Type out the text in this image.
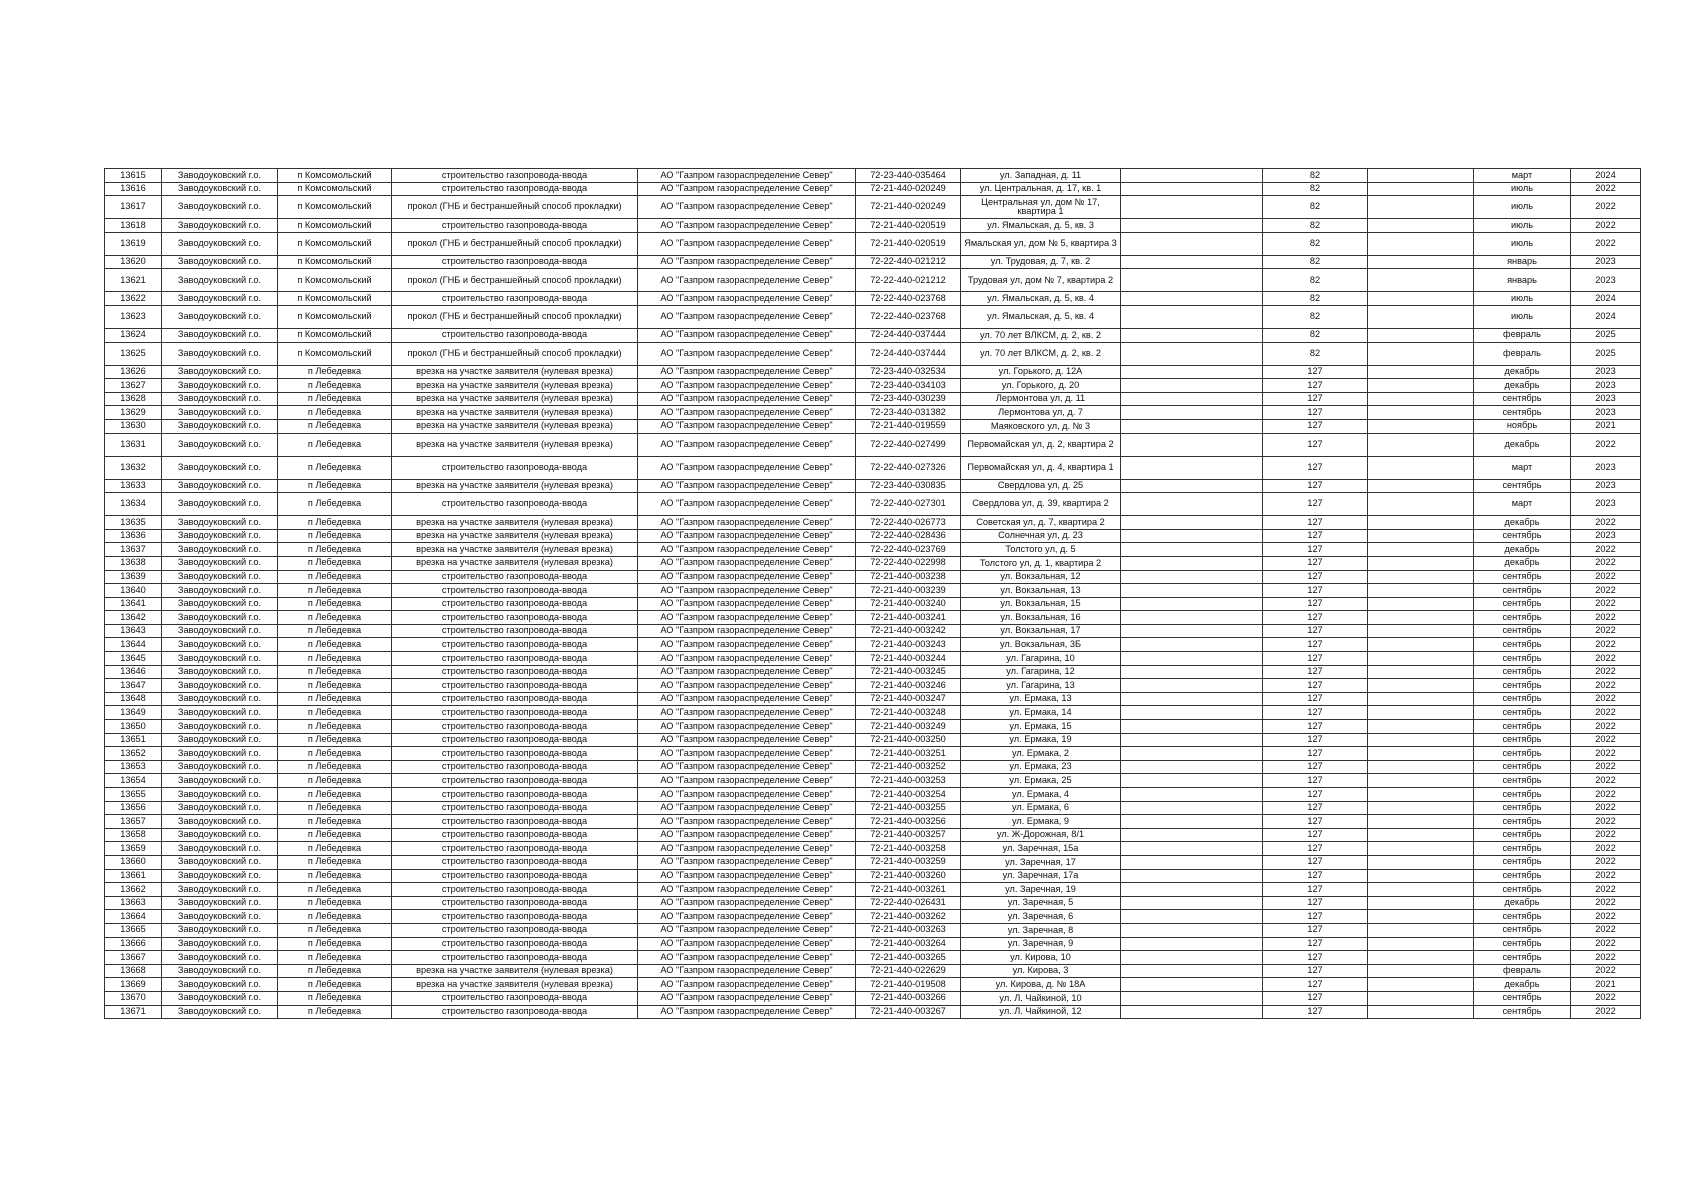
13615	Заводоуковский г.о.	п Комсомольский	строительство газопровода-ввода	АО "Газпром газораспределение Север"	72-23-440-035464	ул. Западная, д. 11		82		март	2024
13616	Заводоуковский г.о.	п Комсомольский	строительство газопровода-ввода	АО "Газпром газораспределение Север"	72-21-440-020249	ул. Центральная, д. 17, кв. 1		82		июль	2022
13617	Заводоуковский г.о.	п Комсомольский	прокол (ГНБ и бестраншейный способ прокладки)	АО "Газпром газораспределение Север"	72-21-440-020249	Центральная ул, дом № 17, квартира 1		82		июль	2022
13618	Заводоуковский г.о.	п Комсомольский	строительство газопровода-ввода	АО "Газпром газораспределение Север"	72-21-440-020519	ул. Ямальская, д. 5, кв. 3		82		июль	2022
13619	Заводоуковский г.о.	п Комсомольский	прокол (ГНБ и бестраншейный способ прокладки)	АО "Газпром газораспределение Север"	72-21-440-020519	Ямальская ул, дом № 5, квартира 3		82		июль	2022
13620	Заводоуковский г.о.	п Комсомольский	строительство газопровода-ввода	АО "Газпром газораспределение Север"	72-22-440-021212	ул. Трудовая, д. 7, кв. 2		82		январь	2023
13621	Заводоуковский г.о.	п Комсомольский	прокол (ГНБ и бестраншейный способ прокладки)	АО "Газпром газораспределение Север"	72-22-440-021212	Трудовая ул, дом № 7, квартира 2		82		январь	2023
13622	Заводоуковский г.о.	п Комсомольский	строительство газопровода-ввода	АО "Газпром газораспределение Север"	72-22-440-023768	ул. Ямальская, д. 5, кв. 4		82		июль	2024
13623	Заводоуковский г.о.	п Комсомольский	прокол (ГНБ и бестраншейный способ прокладки)	АО "Газпром газораспределение Север"	72-22-440-023768	ул. Ямальская, д. 5, кв. 4		82		июль	2024
13624	Заводоуковский г.о.	п Комсомольский	строительство газопровода-ввода	АО "Газпром газораспределение Север"	72-24-440-037444	ул. 70 лет ВЛКСМ, д. 2, кв. 2		82		февраль	2025
13625	Заводоуковский г.о.	п Комсомольский	прокол (ГНБ и бестраншейный способ прокладки)	АО "Газпром газораспределение Север"	72-24-440-037444	ул. 70 лет ВЛКСМ, д. 2, кв. 2		82		февраль	2025
13626	Заводоуковский г.о.	п Лебедевка	врезка на участке заявителя (нулевая врезка)	АО "Газпром газораспределение Север"	72-23-440-032534	ул. Горького, д. 12А		127		декабрь	2023
13627	Заводоуковский г.о.	п Лебедевка	врезка на участке заявителя (нулевая врезка)	АО "Газпром газораспределение Север"	72-23-440-034103	ул. Горького, д. 20		127		декабрь	2023
13628	Заводоуковский г.о.	п Лебедевка	врезка на участке заявителя (нулевая врезка)	АО "Газпром газораспределение Север"	72-23-440-030239	Лермонтова ул, д. 11		127		сентябрь	2023
13629	Заводоуковский г.о.	п Лебедевка	врезка на участке заявителя (нулевая врезка)	АО "Газпром газораспределение Север"	72-23-440-031382	Лермонтова ул, д. 7		127		сентябрь	2023
13630	Заводоуковский г.о.	п Лебедевка	врезка на участке заявителя (нулевая врезка)	АО "Газпром газораспределение Север"	72-21-440-019559	Маяковского ул, д. № 3		127		ноябрь	2021
13631	Заводоуковский г.о.	п Лебедевка	врезка на участке заявителя (нулевая врезка)	АО "Газпром газораспределение Север"	72-22-440-027499	Первомайская ул, д. 2, квартира 2		127		декабрь	2022
13632	Заводоуковский г.о.	п Лебедевка	строительство газопровода-ввода	АО "Газпром газораспределение Север"	72-22-440-027326	Первомайская ул, д. 4, квартира 1		127		март	2023
13633	Заводоуковский г.о.	п Лебедевка	врезка на участке заявителя (нулевая врезка)	АО "Газпром газораспределение Север"	72-23-440-030835	Свердлова ул, д. 25		127		сентябрь	2023
13634	Заводоуковский г.о.	п Лебедевка	строительство газопровода-ввода	АО "Газпром газораспределение Север"	72-22-440-027301	Свердлова ул, д. 39, квартира 2		127		март	2023
13635	Заводоуковский г.о.	п Лебедевка	врезка на участке заявителя (нулевая врезка)	АО "Газпром газораспределение Север"	72-22-440-026773	Советская ул, д. 7, квартира 2		127		декабрь	2022
13636	Заводоуковский г.о.	п Лебедевка	врезка на участке заявителя (нулевая врезка)	АО "Газпром газораспределение Север"	72-22-440-028436	Солнечная ул, д. 23		127		сентябрь	2023
13637	Заводоуковский г.о.	п Лебедевка	врезка на участке заявителя (нулевая врезка)	АО "Газпром газораспределение Север"	72-22-440-023769	Толстого ул, д. 5		127		декабрь	2022
13638	Заводоуковский г.о.	п Лебедевка	врезка на участке заявителя (нулевая врезка)	АО "Газпром газораспределение Север"	72-22-440-022998	Толстого ул, д. 1, квартира 2		127		декабрь	2022
13639	Заводоуковский г.о.	п Лебедевка	строительство газопровода-ввода	АО "Газпром газораспределение Север"	72-21-440-003238	ул. Вокзальная, 12		127		сентябрь	2022
13640	Заводоуковский г.о.	п Лебедевка	строительство газопровода-ввода	АО "Газпром газораспределение Север"	72-21-440-003239	ул. Вокзальная, 13		127		сентябрь	2022
13641	Заводоуковский г.о.	п Лебедевка	строительство газопровода-ввода	АО "Газпром газораспределение Север"	72-21-440-003240	ул. Вокзальная, 15		127		сентябрь	2022
13642	Заводоуковский г.о.	п Лебедевка	строительство газопровода-ввода	АО "Газпром газораспределение Север"	72-21-440-003241	ул. Вокзальная, 16		127		сентябрь	2022
13643	Заводоуковский г.о.	п Лебедевка	строительство газопровода-ввода	АО "Газпром газораспределение Север"	72-21-440-003242	ул. Вокзальная, 17		127		сентябрь	2022
13644	Заводоуковский г.о.	п Лебедевка	строительство газопровода-ввода	АО "Газпром газораспределение Север"	72-21-440-003243	ул. Вокзальная, 3Б		127		сентябрь	2022
13645	Заводоуковский г.о.	п Лебедевка	строительство газопровода-ввода	АО "Газпром газораспределение Север"	72-21-440-003244	ул. Гагарина, 10		127		сентябрь	2022
13646	Заводоуковский г.о.	п Лебедевка	строительство газопровода-ввода	АО "Газпром газораспределение Север"	72-21-440-003245	ул. Гагарина, 12		127		сентябрь	2022
13647	Заводоуковский г.о.	п Лебедевка	строительство газопровода-ввода	АО "Газпром газораспределение Север"	72-21-440-003246	ул. Гагарина, 13		127		сентябрь	2022
13648	Заводоуковский г.о.	п Лебедевка	строительство газопровода-ввода	АО "Газпром газораспределение Север"	72-21-440-003247	ул. Ермака, 13		127		сентябрь	2022
13649	Заводоуковский г.о.	п Лебедевка	строительство газопровода-ввода	АО "Газпром газораспределение Север"	72-21-440-003248	ул. Ермака, 14		127		сентябрь	2022
13650	Заводоуковский г.о.	п Лебедевка	строительство газопровода-ввода	АО "Газпром газораспределение Север"	72-21-440-003249	ул. Ермака, 15		127		сентябрь	2022
13651	Заводоуковский г.о.	п Лебедевка	строительство газопровода-ввода	АО "Газпром газораспределение Север"	72-21-440-003250	ул. Ермака, 19		127		сентябрь	2022
13652	Заводоуковский г.о.	п Лебедевка	строительство газопровода-ввода	АО "Газпром газораспределение Север"	72-21-440-003251	ул. Ермака, 2		127		сентябрь	2022
13653	Заводоуковский г.о.	п Лебедевка	строительство газопровода-ввода	АО "Газпром газораспределение Север"	72-21-440-003252	ул. Ермака, 23		127		сентябрь	2022
13654	Заводоуковский г.о.	п Лебедевка	строительство газопровода-ввода	АО "Газпром газораспределение Север"	72-21-440-003253	ул. Ермака, 25		127		сентябрь	2022
13655	Заводоуковский г.о.	п Лебедевка	строительство газопровода-ввода	АО "Газпром газораспределение Север"	72-21-440-003254	ул. Ермака, 4		127		сентябрь	2022
13656	Заводоуковский г.о.	п Лебедевка	строительство газопровода-ввода	АО "Газпром газораспределение Север"	72-21-440-003255	ул. Ермака, 6		127		сентябрь	2022
13657	Заводоуковский г.о.	п Лебедевка	строительство газопровода-ввода	АО "Газпром газораспределение Север"	72-21-440-003256	ул. Ермака, 9		127		сентябрь	2022
13658	Заводоуковский г.о.	п Лебедевка	строительство газопровода-ввода	АО "Газпром газораспределение Север"	72-21-440-003257	ул. Ж-Дорожная, 8/1		127		сентябрь	2022
13659	Заводоуковский г.о.	п Лебедевка	строительство газопровода-ввода	АО "Газпром газораспределение Север"	72-21-440-003258	ул. Заречная, 15а		127		сентябрь	2022
13660	Заводоуковский г.о.	п Лебедевка	строительство газопровода-ввода	АО "Газпром газораспределение Север"	72-21-440-003259	ул. Заречная, 17		127		сентябрь	2022
13661	Заводоуковский г.о.	п Лебедевка	строительство газопровода-ввода	АО "Газпром газораспределение Север"	72-21-440-003260	ул. Заречная, 17а		127		сентябрь	2022
13662	Заводоуковский г.о.	п Лебедевка	строительство газопровода-ввода	АО "Газпром газораспределение Север"	72-21-440-003261	ул. Заречная, 19		127		сентябрь	2022
13663	Заводоуковский г.о.	п Лебедевка	строительство газопровода-ввода	АО "Газпром газораспределение Север"	72-22-440-026431	ул. Заречная, 5		127		декабрь	2022
13664	Заводоуковский г.о.	п Лебедевка	строительство газопровода-ввода	АО "Газпром газораспределение Север"	72-21-440-003262	ул. Заречная, 6		127		сентябрь	2022
13665	Заводоуковский г.о.	п Лебедевка	строительство газопровода-ввода	АО "Газпром газораспределение Север"	72-21-440-003263	ул. Заречная, 8		127		сентябрь	2022
13666	Заводоуковский г.о.	п Лебедевка	строительство газопровода-ввода	АО "Газпром газораспределение Север"	72-21-440-003264	ул. Заречная, 9		127		сентябрь	2022
13667	Заводоуковский г.о.	п Лебедевка	строительство газопровода-ввода	АО "Газпром газораспределение Север"	72-21-440-003265	ул. Кирова, 10		127		сентябрь	2022
13668	Заводоуковский г.о.	п Лебедевка	врезка на участке заявителя (нулевая врезка)	АО "Газпром газораспределение Север"	72-21-440-022629	ул. Кирова, 3		127		февраль	2022
13669	Заводоуковский г.о.	п Лебедевка	врезка на участке заявителя (нулевая врезка)	АО "Газпром газораспределение Север"	72-21-440-019508	ул. Кирова, д. № 18А		127		декабрь	2021
13670	Заводоуковский г.о.	п Лебедевка	строительство газопровода-ввода	АО "Газпром газораспределение Север"	72-21-440-003266	ул. Л. Чайкиной, 10		127		сентябрь	2022
13671	Заводоуковский г.о.	п Лебедевка	строительство газопровода-ввода	АО "Газпром газораспределение Север"	72-21-440-003267	ул. Л. Чайкиной, 12		127		сентябрь	2022
